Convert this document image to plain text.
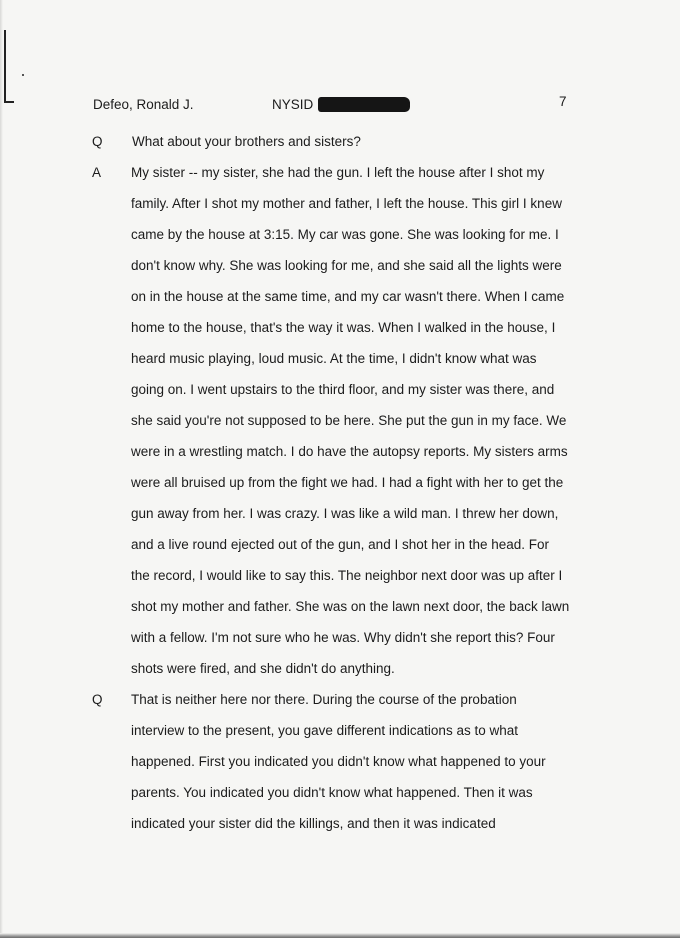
Defeo, Ronald J.	NYSID	7
Q	What about your brothers and sisters?
A	My sister -- my sister, she had the gun. I left the house after I shot my family. After I shot my mother and father, I left the house. This girl I knew came by the house at 3:15. My car was gone. She was looking for me. I don't know why. She was looking for me, and she said all the lights were on in the house at the same time, and my car wasn't there. When I came home to the house, that's the way it was. When I walked in the house, I heard music playing, loud music. At the time, I didn't know what was going on. I went upstairs to the third floor, and my sister was there, and she said you're not supposed to be here. She put the gun in my face. We were in a wrestling match. I do have the autopsy reports. My sisters arms were all bruised up from the fight we had. I had a fight with her to get the gun away from her. I was crazy. I was like a wild man. I threw her down, and a live round ejected out of the gun, and I shot her in the head. For the record, I would like to say this. The neighbor next door was up after I shot my mother and father. She was on the lawn next door, the back lawn with a fellow. I'm not sure who he was. Why didn't she report this? Four shots were fired, and she didn't do anything.
Q	That is neither here nor there. During the course of the probation interview to the present, you gave different indications as to what happened. First you indicated you didn't know what happened to your parents. You indicated you didn't know what happened. Then it was indicated your sister did the killings, and then it was indicated
